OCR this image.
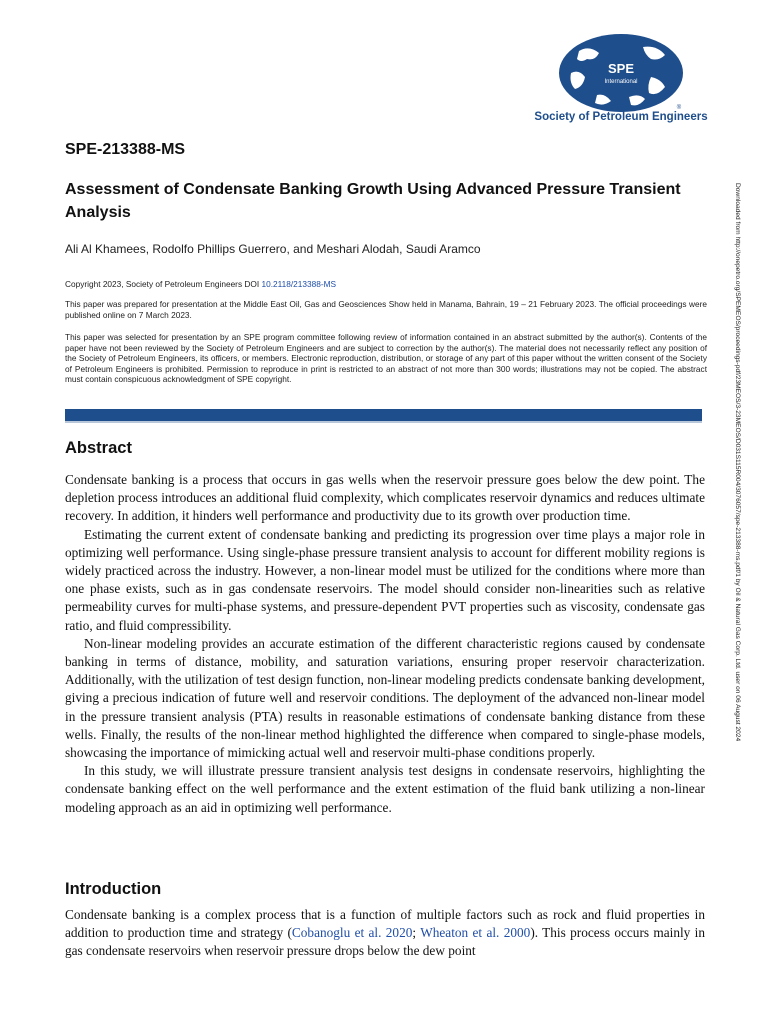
SPE
International
®
Society of Petroleum Engineers
SPE-213388-MS
Assessment of Condensate Banking Growth Using Advanced Pressure Transient Analysis
Ali Al Khamees, Rodolfo Phillips Guerrero, and Meshari Alodah, Saudi Aramco

Copyright 2023, Society of Petroleum Engineers DOI 10.2118/213388-MS

This paper was prepared for presentation at the Middle East Oil, Gas and Geosciences Show held in Manama, Bahrain, 19 – 21 February 2023. The official proceedings were published online on 7 March 2023.

This paper was selected for presentation by an SPE program committee following review of information contained in an abstract submitted by the author(s). Contents of the paper have not been reviewed by the Society of Petroleum Engineers and are subject to correction by the author(s). The material does not necessarily reflect any position of the Society of Petroleum Engineers, its officers, or members. Electronic reproduction, distribution, or storage of any part of this paper without the written consent of the Society of Petroleum Engineers is prohibited. Permission to reproduce in print is restricted to an abstract of not more than 300 words; illustrations may not be copied. The abstract must contain conspicuous acknowledgment of SPE copyright.

Abstract

Condensate banking is a process that occurs in gas wells when the reservoir pressure goes below the dew point. The depletion process introduces an additional fluid complexity, which complicates reservoir dynamics and reduces ultimate recovery. In addition, it hinders well performance and productivity due to its growth over production time.

Estimating the current extent of condensate banking and predicting its progression over time plays a major role in optimizing well performance. Using single-phase pressure transient analysis to account for different mobility regions is widely practiced across the industry. However, a non-linear model must be utilized for the conditions where more than one phase exists, such as in gas condensate reservoirs. The model should consider non-linearities such as relative permeability curves for multi-phase systems, and pressure-dependent PVT properties such as viscosity, condensate gas ratio, and fluid compressibility.

Non-linear modeling provides an accurate estimation of the different characteristic regions caused by condensate banking in terms of distance, mobility, and saturation variations, ensuring proper reservoir characterization. Additionally, with the utilization of test design function, non-linear modeling predicts condensate banking development, giving a precious indication of future well and reservoir conditions. The deployment of the advanced non-linear model in the pressure transient analysis (PTA) results in reasonable estimations of condensate banking distance from these wells. Finally, the results of the non-linear method highlighted the difference when compared to single-phase models, showcasing the importance of mimicking actual well and reservoir multi-phase conditions properly.

In this study, we will illustrate pressure transient analysis test designs in condensate reservoirs, highlighting the condensate banking effect on the well performance and the extent estimation of the fluid bank utilizing a non-linear modeling approach as an aid in optimizing well performance.

Introduction

Condensate banking is a complex process that is a function of multiple factors such as rock and fluid properties in addition to production time and strategy (Cobanoglu et al. 2020; Wheaton et al. 2000). This process occurs mainly in gas condensate reservoirs when reservoir pressure drops below the dew point

Downloaded from http://onepetro.org/SPEMEOS/proceedings-pdf/23MEOS/3-23MEOS/D031S115R004/3076057/spe-213388-ms.pdf/1 by Oil & Natural Gas Corp. Ltd. user on 06 August 2024
